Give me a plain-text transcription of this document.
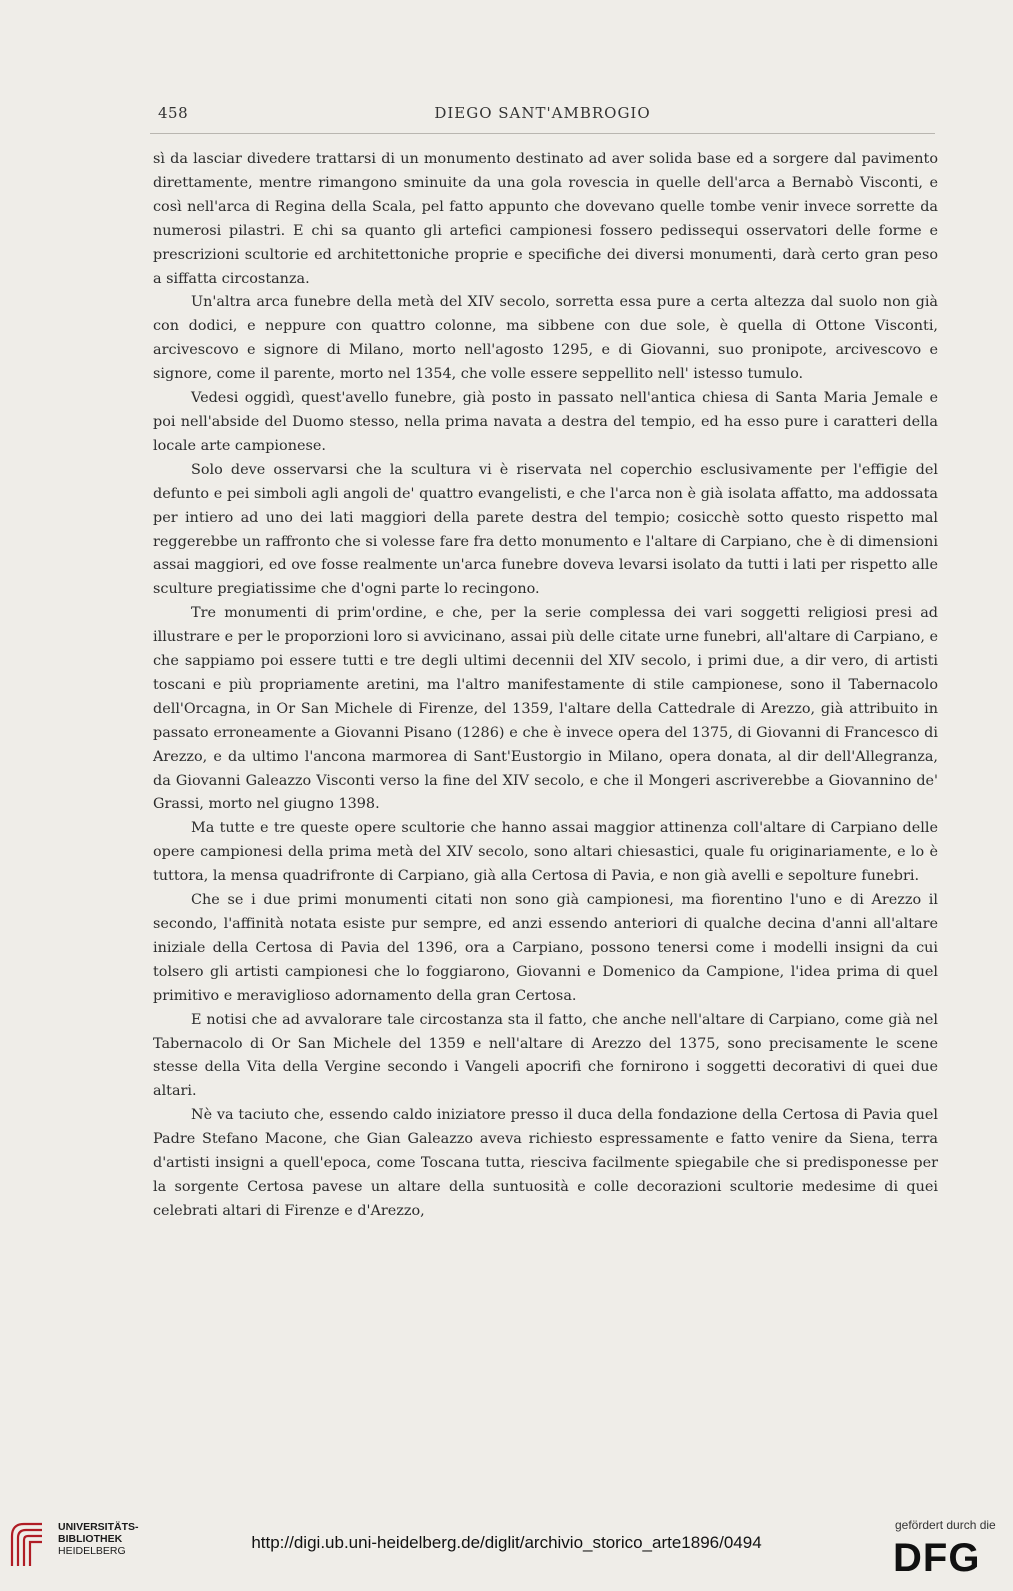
458	DIEGO SANT'AMBROGIO

sì da lasciar divedere trattarsi di un monumento destinato ad aver solida base ed a sorgere dal pavimento direttamente, mentre rimangono sminuite da una gola rovescia in quelle dell'arca a Bernabò Visconti, e così nell'arca di Regina della Scala, pel fatto appunto che dovevano quelle tombe venir invece sorrette da numerosi pilastri. E chi sa quanto gli artefici campionesi fossero pedissequi osservatori delle forme e prescrizioni scultorie ed architettoniche proprie e specifiche dei diversi monumenti, darà certo gran peso a siffatta circostanza.

Un'altra arca funebre della metà del XIV secolo, sorretta essa pure a certa altezza dal suolo non già con dodici, e neppure con quattro colonne, ma sibbene con due sole, è quella di Ottone Visconti, arcivescovo e signore di Milano, morto nell'agosto 1295, e di Giovanni, suo pronipote, arcivescovo e signore, come il parente, morto nel 1354, che volle essere seppellito nell' istesso tumulo.

Vedesi oggidì, quest'avello funebre, già posto in passato nell'antica chiesa di Santa Maria Jemale e poi nell'abside del Duomo stesso, nella prima navata a destra del tempio, ed ha esso pure i caratteri della locale arte campionese.

Solo deve osservarsi che la scultura vi è riservata nel coperchio esclusivamente per l'effigie del defunto e pei simboli agli angoli de' quattro evangelisti, e che l'arca non è già isolata affatto, ma addossata per intiero ad uno dei lati maggiori della parete destra del tempio; cosicchè sotto questo rispetto mal reggerebbe un raffronto che si volesse fare fra detto monumento e l'altare di Carpiano, che è di dimensioni assai maggiori, ed ove fosse realmente un'arca funebre doveva levarsi isolato da tutti i lati per rispetto alle sculture pregiatissime che d'ogni parte lo recingono.

Tre monumenti di prim'ordine, e che, per la serie complessa dei vari soggetti religiosi presi ad illustrare e per le proporzioni loro si avvicinano, assai più delle citate urne funebri, all'altare di Carpiano, e che sappiamo poi essere tutti e tre degli ultimi decennii del XIV secolo, i primi due, a dir vero, di artisti toscani e più propriamente aretini, ma l'altro manifestamente di stile campionese, sono il Tabernacolo dell'Orcagna, in Or San Michele di Firenze, del 1359, l'altare della Cattedrale di Arezzo, già attribuito in passato erroneamente a Giovanni Pisano (1286) e che è invece opera del 1375, di Giovanni di Francesco di Arezzo, e da ultimo l'ancona marmorea di Sant'Eustorgio in Milano, opera donata, al dir dell'Allegranza, da Giovanni Galeazzo Visconti verso la fine del XIV secolo, e che il Mongeri ascriverebbe a Giovannino de' Grassi, morto nel giugno 1398.

Ma tutte e tre queste opere scultorie che hanno assai maggior attinenza coll'altare di Carpiano delle opere campionesi della prima metà del XIV secolo, sono altari chiesastici, quale fu originariamente, e lo è tuttora, la mensa quadrifronte di Carpiano, già alla Certosa di Pavia, e non già avelli e sepolture funebri.

Che se i due primi monumenti citati non sono già campionesi, ma fiorentino l'uno e di Arezzo il secondo, l'affinità notata esiste pur sempre, ed anzi essendo anteriori di qualche decina d'anni all'altare iniziale della Certosa di Pavia del 1396, ora a Carpiano, possono tenersi come i modelli insigni da cui tolsero gli artisti campionesi che lo foggiarono, Giovanni e Domenico da Campione, l'idea prima di quel primitivo e meraviglioso adornamento della gran Certosa.

E notisi che ad avvalorare tale circostanza sta il fatto, che anche nell'altare di Carpiano, come già nel Tabernacolo di Or San Michele del 1359 e nell'altare di Arezzo del 1375, sono precisamente le scene stesse della Vita della Vergine secondo i Vangeli apocrifi che fornirono i soggetti decorativi di quei due altari.

Nè va taciuto che, essendo caldo iniziatore presso il duca della fondazione della Certosa di Pavia quel Padre Stefano Macone, che Gian Galeazzo aveva richiesto espressamente e fatto venire da Siena, terra d'artisti insigni a quell'epoca, come Toscana tutta, riesciva facilmente spiegabile che si predisponesse per la sorgente Certosa pavese un altare della suntuosità e colle decorazioni scultorie medesime di quei celebrati altari di Firenze e d'Arezzo,

UNIVERSITÄTS-
BIBLIOTHEK
HEIDELBERG	http://digi.ub.uni-heidelberg.de/diglit/archivio_storico_arte1896/0494
gefördert durch die
DFG
